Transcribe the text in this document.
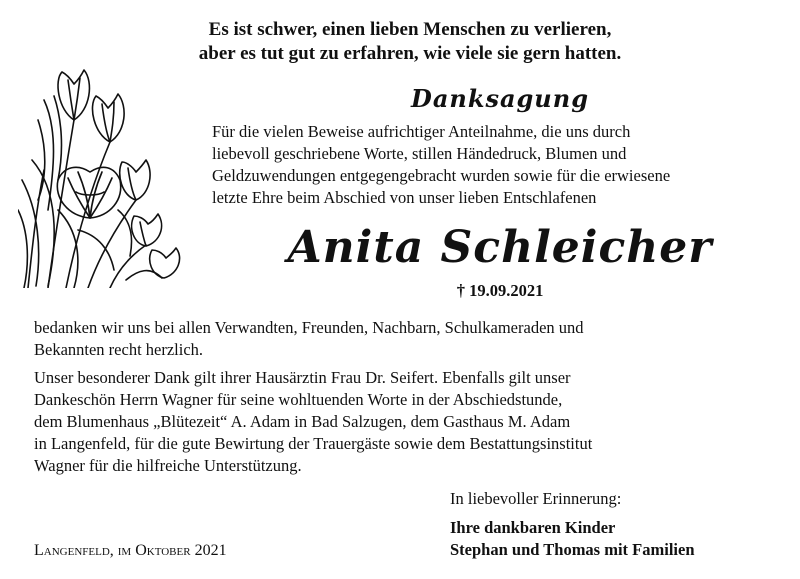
Es ist schwer, einen lieben Menschen zu verlieren,
aber es tut gut zu erfahren, wie viele sie gern hatten.
Danksagung
Für die vielen Beweise aufrichtiger Anteilnahme, die uns durch
liebevoll geschriebene Worte, stillen Händedruck, Blumen und
Geldzuwendungen entgegengebracht wurden sowie für die erwiesene
letzte Ehre beim Abschied von unser lieben Entschlafenen
Anita Schleicher
† 19.09.2021
bedanken wir uns bei allen Verwandten, Freunden, Nachbarn, Schulkameraden und
Bekannten recht herzlich.
Unser besonderer Dank gilt ihrer Hausärztin Frau Dr. Seifert. Ebenfalls gilt unser
Dankeschön Herrn Wagner für seine wohltuenden Worte in der Abschiedstunde,
dem Blumenhaus „Blütezeit“ A. Adam in Bad Salzugen, dem Gasthaus M. Adam
in Langenfeld, für die gute Bewirtung der Trauergäste sowie dem Bestattungsinstitut
Wagner für die hilfreiche Unterstützung.
In liebevoller Erinnerung:
Ihre dankbaren Kinder
Stephan und Thomas mit Familien
Langenfeld, im Oktober 2021
